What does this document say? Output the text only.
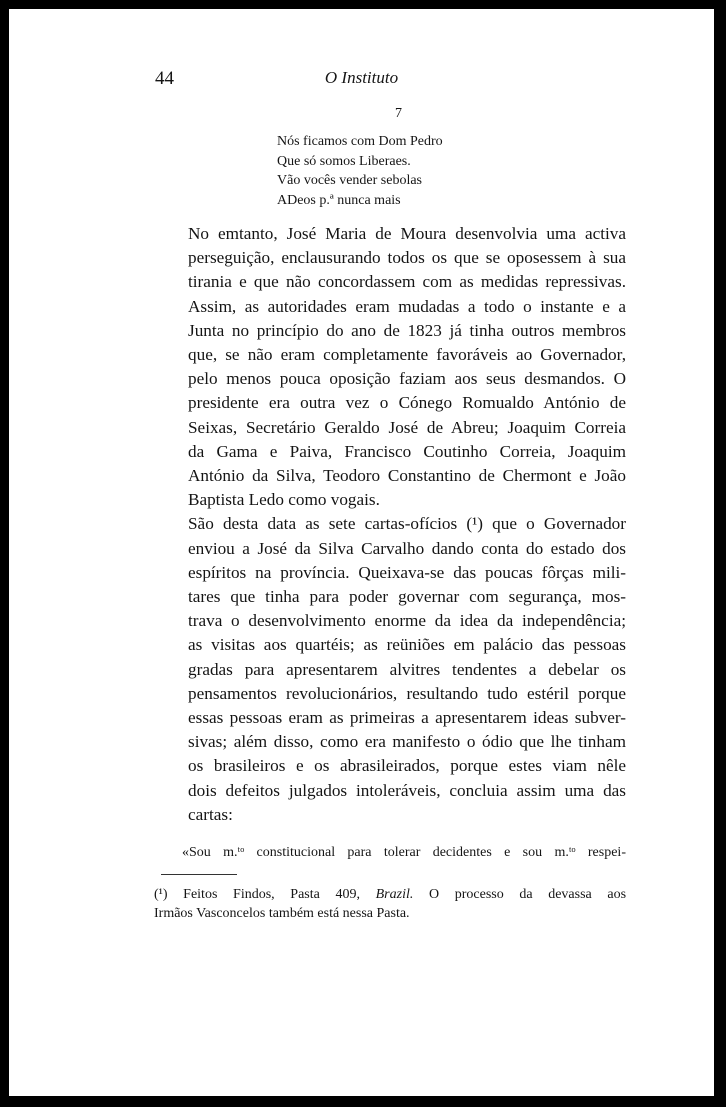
44	O Instituto
7
Nós ficamos com Dom Pedro
Que só somos Liberaes.
Vão vocês vender sebolas
ADeos p.ª nunca mais
No emtanto, José Maria de Moura desenvolvia uma activa
perseguição, enclausurando todos os que se oposessem à sua
tirania e que não concordassem com as medidas repressivas.
Assim, as autoridades eram mudadas a todo o instante e a
Junta no princípio do ano de 1823 já tinha outros membros
que, se não eram completamente favoráveis ao Governador,
pelo menos pouca oposição faziam aos seus desmandos. O
presidente era outra vez o Cónego Romualdo António de
Seixas, Secretário Geraldo José de Abreu; Joaquim Correia
da Gama e Paiva, Francisco Coutinho Correia, Joaquim
António da Silva, Teodoro Constantino de Chermont e João
Baptista Ledo como vogais.
São desta data as sete cartas-ofícios (¹) que o Governador
enviou a José da Silva Carvalho dando conta do estado dos
espíritos na província. Queixava-se das poucas fôrças mili-
tares que tinha para poder governar com segurança, mos-
trava o desenvolvimento enorme da idea da independência;
as visitas aos quartéis; as reüniões em palácio das pessoas
gradas para apresentarem alvitres tendentes a debelar os
pensamentos revolucionários, resultando tudo estéril porque
essas pessoas eram as primeiras a apresentarem ideas subver-
sivas; além disso, como era manifesto o ódio que lhe tinham
os brasileiros e os abrasileirados, porque estes viam nêle
dois defeitos julgados intoleráveis, concluia assim uma das
cartas:
«Sou m.ᵗᵒ constitucional para tolerar decidentes e sou m.ᵗᵒ respei-
(¹) Feitos Findos, Pasta 409, Brazil. O processo da devassa aos
Irmãos Vasconcelos também está nessa Pasta.
